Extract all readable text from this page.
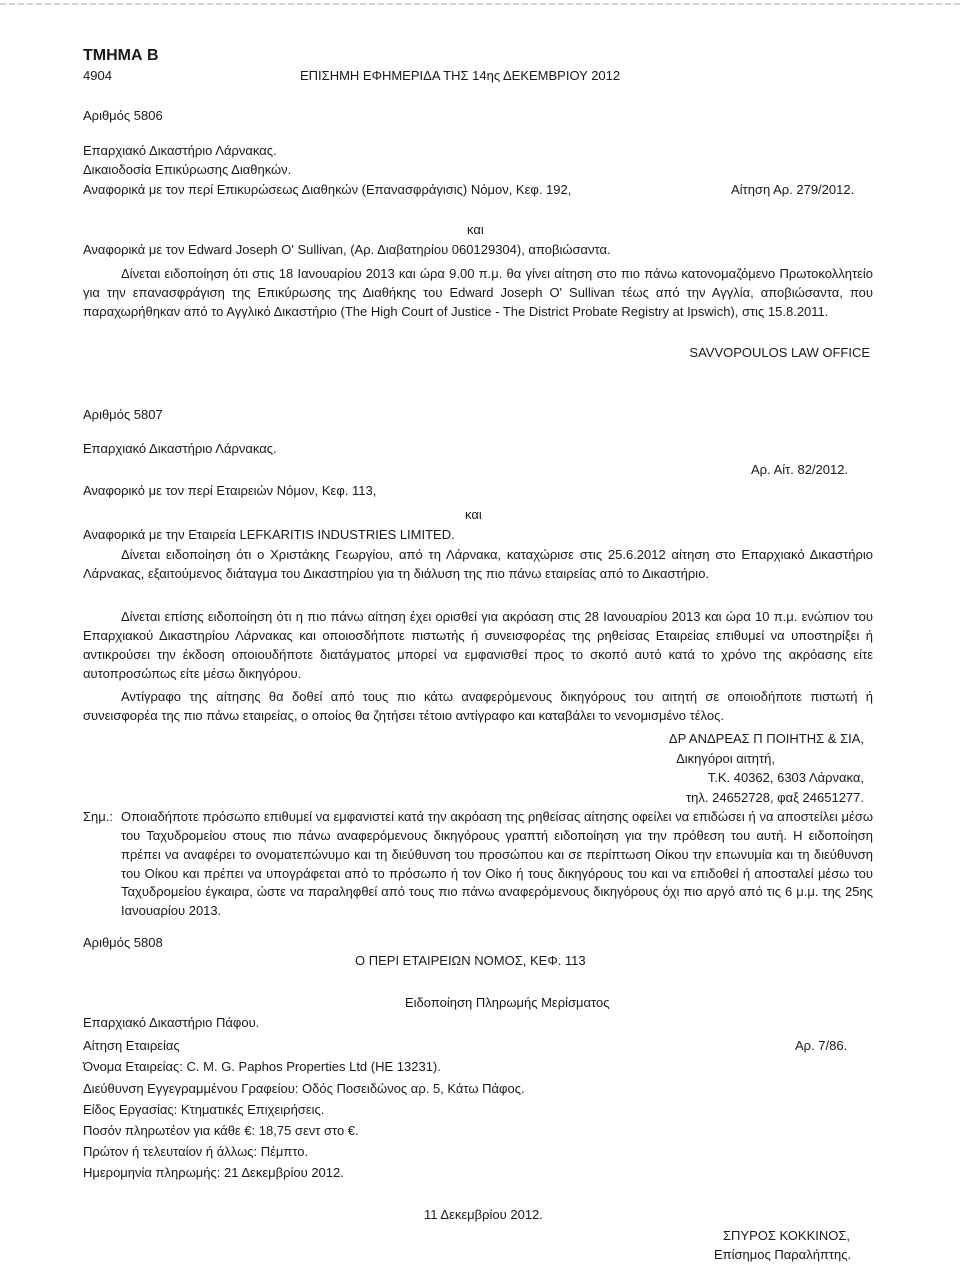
ΤΜΗΜΑ Β
4904	ΕΠΙΣΗΜΗ ΕΦΗΜΕΡΙΔΑ ΤΗΣ 14ης ΔΕΚΕΜΒΡΙΟΥ 2012
Αριθμός 5806
Επαρχιακό Δικαστήριο Λάρνακας.
Δικαιοδοσία Επικύρωσης Διαθηκών.
Αναφορικά με τον περί Επικυρώσεως Διαθηκών (Επανασφράγισις) Νόμον, Κεφ. 192,	Αίτηση Αρ. 279/2012.
και
Αναφορικά με τον Edward Joseph O' Sullivan, (Αρ. Διαβατηρίου 060129304), αποβιώσαντα.
Δίνεται ειδοποίηση ότι στις 18 Ιανουαρίου 2013 και ώρα 9.00 π.μ. θα γίνει αίτηση στο πιο πάνω κατονομαζόμενο Πρωτοκολλητείο για την επανασφράγιση της Επικύρωσης της Διαθήκης του Edward Joseph O' Sullivan τέως από την Αγγλία, αποβιώσαντα, που παραχωρήθηκαν από το Αγγλικό Δικαστήριο (The High Court of Justice - The District Probate Registry at Ipswich), στις 15.8.2011.
SAVVOPOULOS LAW OFFICE
Αριθμός 5807
Επαρχιακό Δικαστήριο Λάρνακας.
Αρ. Αίτ. 82/2012.
Αναφορικό με τον περί Εταιρειών Νόμον, Κεφ. 113,
και
Αναφορικά με την Εταιρεία LEFKARITIS INDUSTRIES LIMITED.
Δίνεται ειδοποίηση ότι ο Χριστάκης Γεωργίου, από τη Λάρνακα, καταχώρισε στις 25.6.2012 αίτηση στο Επαρχιακό Δικαστήριο Λάρνακας, εξαιτούμενος διάταγμα του Δικαστηρίου για τη διάλυση της πιο πάνω εταιρείας από το Δικαστήριο.
Δίνεται επίσης ειδοποίηση ότι η πιο πάνω αίτηση έχει ορισθεί για ακρόαση στις 28 Ιανουαρίου 2013 και ώρα 10 π.μ. ενώπιον του Επαρχιακού Δικαστηρίου Λάρνακας και οποιοσδήποτε πιστωτής ή συνεισφορέας της ρηθείσας Εταιρείας επιθυμεί να υποστηρίξει ή αντικρούσει την έκδοση οποιουδήποτε διατάγματος μπορεί να εμφανισθεί προς το σκοπό αυτό κατά το χρόνο της ακρόασης είτε αυτοπροσώπως είτε μέσω δικηγόρου.
Αντίγραφο της αίτησης θα δοθεί από τους πιο κάτω αναφερόμενους δικηγόρους του αιτητή σε οποιοδήποτε πιστωτή ή συνεισφορέα της πιο πάνω εταιρείας, ο οποίος θα ζητήσει τέτοιο αντίγραφο και καταβάλει το νενομισμένο τέλος.
ΔΡ ΑΝΔΡΕΑΣ Π ΠΟΙΗΤΗΣ & ΣΙΑ,
Δικηγόροι αιτητή,
Τ.Κ. 40362, 6303 Λάρνακα,
τηλ. 24652728, φαξ 24651277.
Σημ.: Οποιαδήποτε πρόσωπο επιθυμεί να εμφανιστεί κατά την ακρόαση της ρηθείσας αίτησης οφείλει να επιδώσει ή να αποστείλει μέσω του Ταχυδρομείου στους πιο πάνω αναφερόμενους δικηγόρους γραπτή ειδοποίηση για την πρόθεση του αυτή. Η ειδοποίηση πρέπει να αναφέρει το ονοματεπώνυμο και τη διεύθυνση του προσώπου και σε περίπτωση Οίκου την επωνυμία και τη διεύθυνση του Οίκου και πρέπει να υπογράφεται από το πρόσωπο ή τον Οίκο ή τους δικηγόρους του και να επιδοθεί ή αποσταλεί μέσω του Ταχυδρομείου έγκαιρα, ώστε να παραληφθεί από τους πιο πάνω αναφερόμενους δικηγόρους όχι πιο αργό από τις 6 μ.μ. της 25ης Ιανουαρίου 2013.
Αριθμός 5808
Ο ΠΕΡΙ ΕΤΑΙΡΕΙΩΝ ΝΟΜΟΣ, ΚΕΦ. 113
Ειδοποίηση Πληρωμής Μερίσματος
Επαρχιακό Δικαστήριο Πάφου.
Αίτηση Εταιρείας	Αρ. 7/86.
Όνομα Εταιρείας: C. M. G. Paphos Properties Ltd (ΗΕ 13231).
Διεύθυνση Εγγεγραμμένου Γραφείου: Οδός Ποσειδώνος αρ. 5, Κάτω Πάφος.
Είδος Εργασίας: Κτηματικές Επιχειρήσεις.
Ποσόν πληρωτέον για κάθε €: 18,75 σεντ στο €.
Πρώτον ή τελευταίον ή άλλως: Πέμπτο.
Ημερομηνία πληρωμής: 21 Δεκεμβρίου 2012.
11 Δεκεμβρίου 2012.
ΣΠΥΡΟΣ ΚΟΚΚΙΝΟΣ,
Επίσημος Παραλήπτης.
